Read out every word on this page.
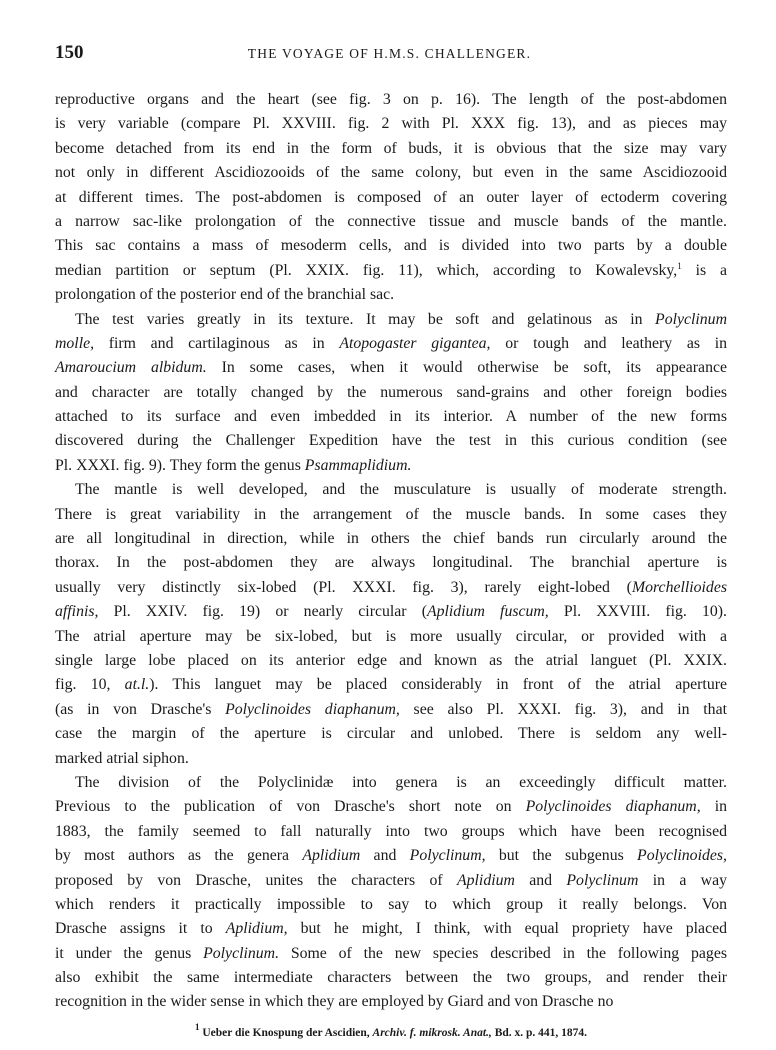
150	THE VOYAGE OF H.M.S. CHALLENGER.
reproductive organs and the heart (see fig. 3 on p. 16). The length of the post-abdomen
is very variable (compare Pl. XXVIII. fig. 2 with Pl. XXX fig. 13), and as pieces may
become detached from its end in the form of buds, it is obvious that the size may vary
not only in different Ascidiozooids of the same colony, but even in the same Ascidiozooid
at different times. The post-abdomen is composed of an outer layer of ectoderm covering
a narrow sac-like prolongation of the connective tissue and muscle bands of the mantle.
This sac contains a mass of mesoderm cells, and is divided into two parts by a double
median partition or septum (Pl. XXIX. fig. 11), which, according to Kowalevsky,$^1$ is a
prolongation of the posterior end of the branchial sac.
The test varies greatly in its texture. It may be soft and gelatinous as in Polyclinum
molle, firm and cartilaginous as in Atopogaster gigantea, or tough and leathery as in
Amaroucium albidum. In some cases, when it would otherwise be soft, its appearance
and character are totally changed by the numerous sand-grains and other foreign bodies
attached to its surface and even imbedded in its interior. A number of the new forms
discovered during the Challenger Expedition have the test in this curious condition (see
Pl. XXXI. fig. 9). They form the genus Psammaplidium.
The mantle is well developed, and the musculature is usually of moderate strength.
There is great variability in the arrangement of the muscle bands. In some cases they
are all longitudinal in direction, while in others the chief bands run circularly around the
thorax. In the post-abdomen they are always longitudinal. The branchial aperture is
usually very distinctly six-lobed (Pl. XXXI. fig. 3), rarely eight-lobed (Morchellioides
affinis, Pl. XXIV. fig. 19) or nearly circular (Aplidium fuscum, Pl. XXVIII. fig. 10).
The atrial aperture may be six-lobed, but is more usually circular, or provided with a
single large lobe placed on its anterior edge and known as the atrial languet (Pl. XXIX.
fig. 10, at.l.). This languet may be placed considerably in front of the atrial aperture
(as in von Drasche's Polyclinoides diaphanum, see also Pl. XXXI. fig. 3), and in that
case the margin of the aperture is circular and unlobed. There is seldom any well-
marked atrial siphon.
The division of the Polyclinidæ into genera is an exceedingly difficult matter.
Previous to the publication of von Drasche's short note on Polyclinoides diaphanum, in
1883, the family seemed to fall naturally into two groups which have been recognised
by most authors as the genera Aplidium and Polyclinum, but the subgenus Polyclinoides,
proposed by von Drasche, unites the characters of Aplidium and Polyclinum in a way
which renders it practically impossible to say to which group it really belongs. Von
Drasche assigns it to Aplidium, but he might, I think, with equal propriety have placed
it under the genus Polyclinum. Some of the new species described in the following pages
also exhibit the same intermediate characters between the two groups, and render their
recognition in the wider sense in which they are employed by Giard and von Drasche no
$^1$ Ueber die Knospung der Ascidien, Archiv. f. mikrosk. Anat., Bd. x. p. 441, 1874.
